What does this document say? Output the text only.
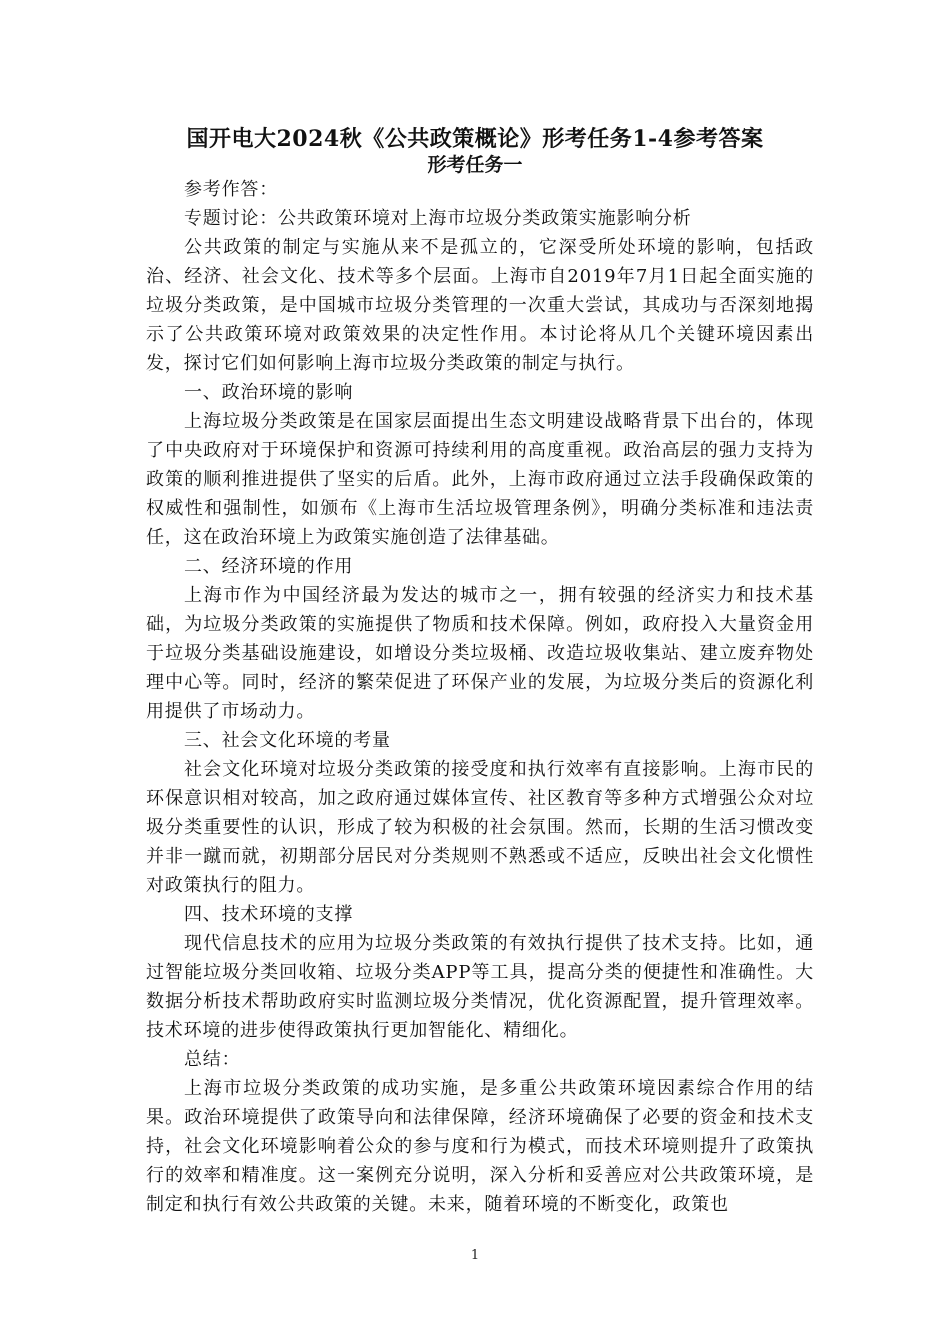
国开电大2024秋《公共政策概论》形考任务1-4参考答案
形考任务一

参考作答：

专题讨论：公共政策环境对上海市垃圾分类政策实施影响分析

公共政策的制定与实施从来不是孤立的，它深受所处环境的影响，包括政治、经济、社会文化、技术等多个层面。上海市自2019年7月1日起全面实施的垃圾分类政策，是中国城市垃圾分类管理的一次重大尝试，其成功与否深刻地揭示了公共政策环境对政策效果的决定性作用。本讨论将从几个关键环境因素出发，探讨它们如何影响上海市垃圾分类政策的制定与执行。

一、政治环境的影响

上海垃圾分类政策是在国家层面提出生态文明建设战略背景下出台的，体现了中央政府对于环境保护和资源可持续利用的高度重视。政治高层的强力支持为政策的顺利推进提供了坚实的后盾。此外，上海市政府通过立法手段确保政策的权威性和强制性，如颁布《上海市生活垃圾管理条例》，明确分类标准和违法责任，这在政治环境上为政策实施创造了法律基础。

二、经济环境的作用

上海市作为中国经济最为发达的城市之一，拥有较强的经济实力和技术基础，为垃圾分类政策的实施提供了物质和技术保障。例如，政府投入大量资金用于垃圾分类基础设施建设，如增设分类垃圾桶、改造垃圾收集站、建立废弃物处理中心等。同时，经济的繁荣促进了环保产业的发展，为垃圾分类后的资源化利用提供了市场动力。

三、社会文化环境的考量

社会文化环境对垃圾分类政策的接受度和执行效率有直接影响。上海市民的环保意识相对较高，加之政府通过媒体宣传、社区教育等多种方式增强公众对垃圾分类重要性的认识，形成了较为积极的社会氛围。然而，长期的生活习惯改变并非一蹴而就，初期部分居民对分类规则不熟悉或不适应，反映出社会文化惯性对政策执行的阻力。

四、技术环境的支撑

现代信息技术的应用为垃圾分类政策的有效执行提供了技术支持。比如，通过智能垃圾分类回收箱、垃圾分类APP等工具，提高分类的便捷性和准确性。大数据分析技术帮助政府实时监测垃圾分类情况，优化资源配置，提升管理效率。技术环境的进步使得政策执行更加智能化、精细化。

总结：

上海市垃圾分类政策的成功实施，是多重公共政策环境因素综合作用的结果。政治环境提供了政策导向和法律保障，经济环境确保了必要的资金和技术支持，社会文化环境影响着公众的参与度和行为模式，而技术环境则提升了政策执行的效率和精准度。这一案例充分说明，深入分析和妥善应对公共政策环境，是制定和执行有效公共政策的关键。未来，随着环境的不断变化，政策也

1
